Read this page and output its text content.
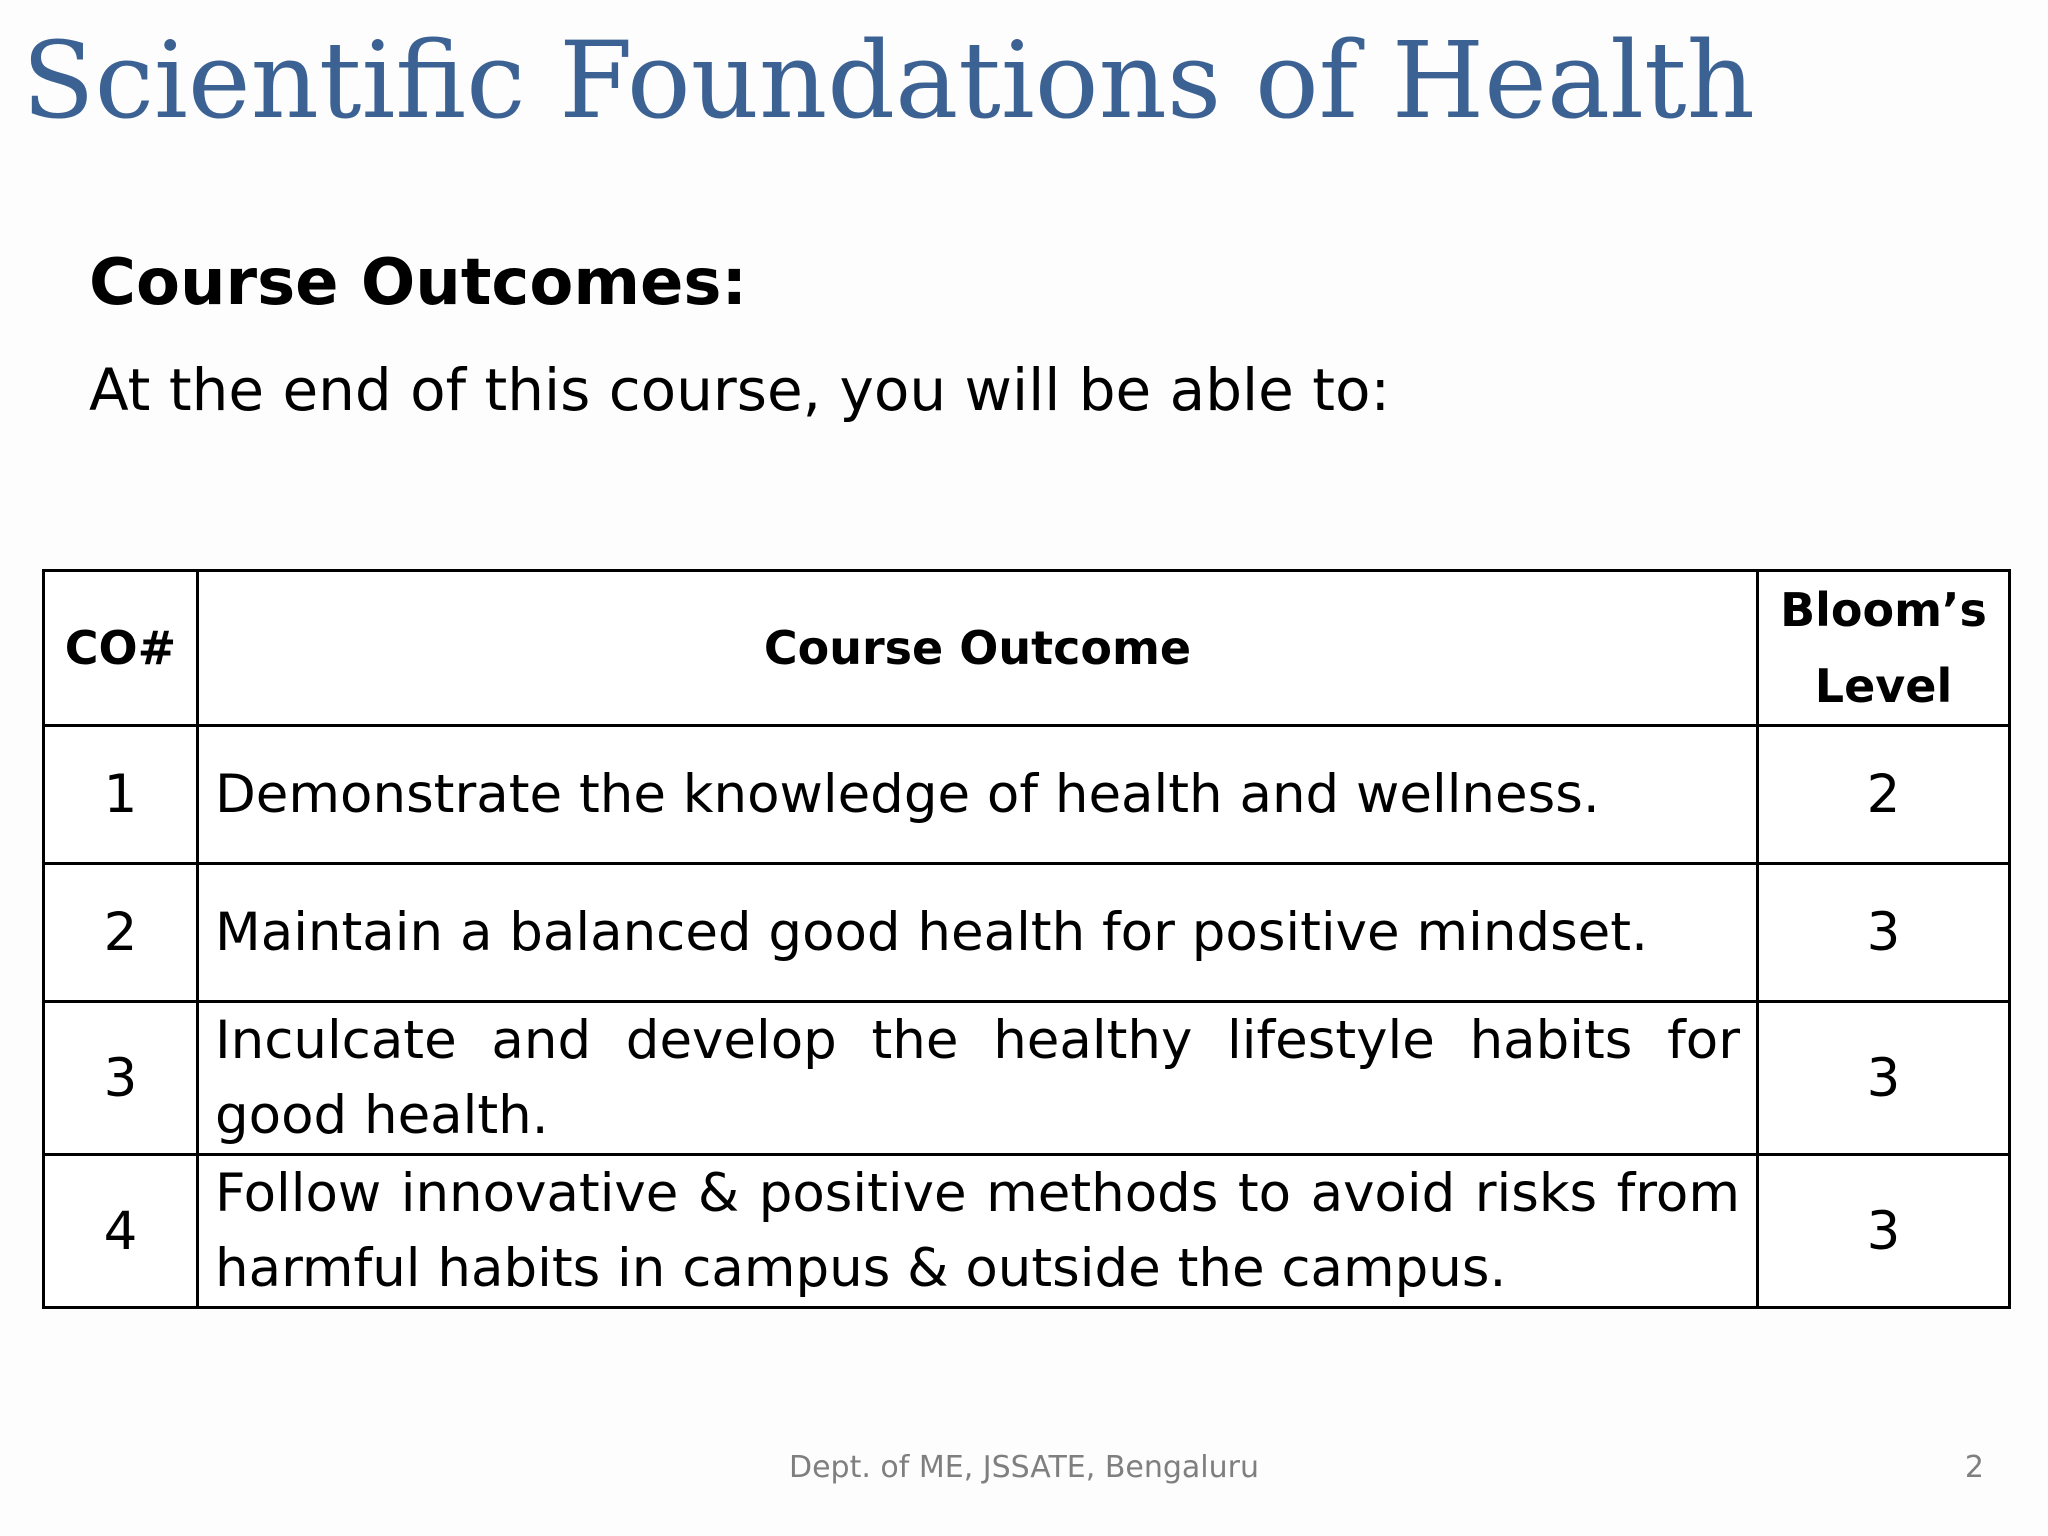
Scientific Foundations of Health
Course Outcomes:

At the end of this course, you will be able to:

CO#	Course Outcome	Bloom’s Level
1	Demonstrate the knowledge of health and wellness.	2
2	Maintain a balanced good health for positive mindset.	3
3	Inculcate and develop the healthy lifestyle habits for good health.	3
4	Follow innovative & positive methods to avoid risks from harmful habits in campus & outside the campus.	3
Dept. of ME, JSSATE, Bengaluru	2
